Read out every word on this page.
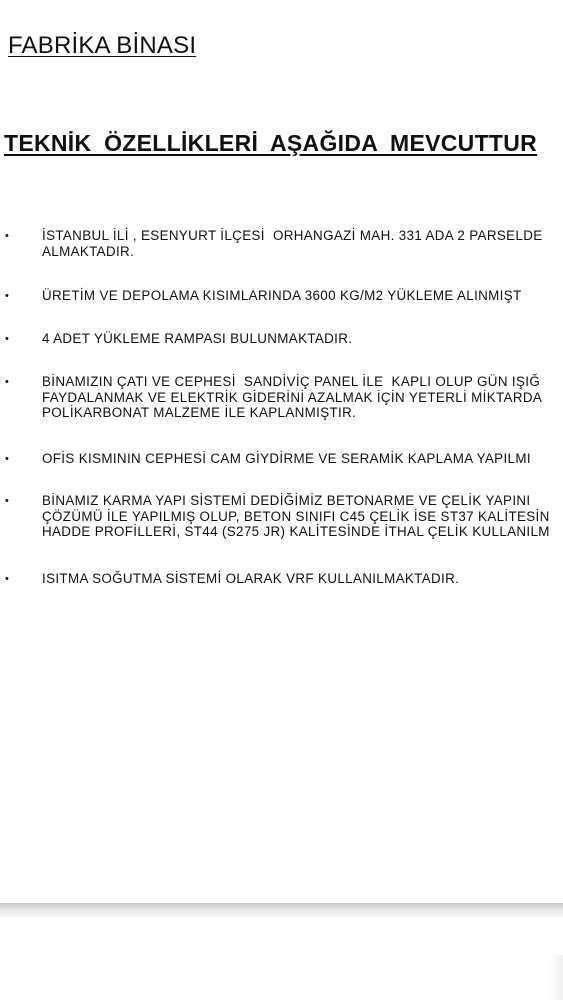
FABRİKA BİNASI
TEKNİK ÖZELLİKLERİ AŞAĞIDA MEVCUTTUR
• İSTANBUL İLİ , ESENYURT İLÇESİ  ORHANGAZİ MAH. 331 ADA 2 PARSELDE
ALMAKTADIR.
• ÜRETİM VE DEPOLAMA KISIMLARINDA 3600 KG/M2 YÜKLEME ALINMIŞT
• 4 ADET YÜKLEME RAMPASI BULUNMAKTADIR.
• BİNAMIZIN ÇATI VE CEPHESİ  SANDİVİÇ PANEL İLE  KAPLI OLUP GÜN IŞIĞ
FAYDALANMAK VE ELEKTRİK GİDERİNİ AZALMAK İÇİN YETERLİ MİKTARDA
POLİKARBONAT MALZEME İLE KAPLANMIŞTIR.
• OFİS KISMININ CEPHESİ CAM GİYDİRME VE SERAMİK KAPLAMA YAPILMI
• BİNAMIZ KARMA YAPI SİSTEMİ DEDİĞİMİZ BETONARME VE ÇELİK YAPINI
ÇÖZÜMÜ İLE YAPILMIŞ OLUP, BETON SINIFI C45 ÇELİK İSE ST37 KALİTESİN
HADDE PROFİLLERİ, ST44 (S275 JR) KALİTESİNDE İTHAL ÇELİK KULLANILM
• ISITMA SOĞUTMA SİSTEMİ OLARAK VRF KULLANILMAKTADIR.
